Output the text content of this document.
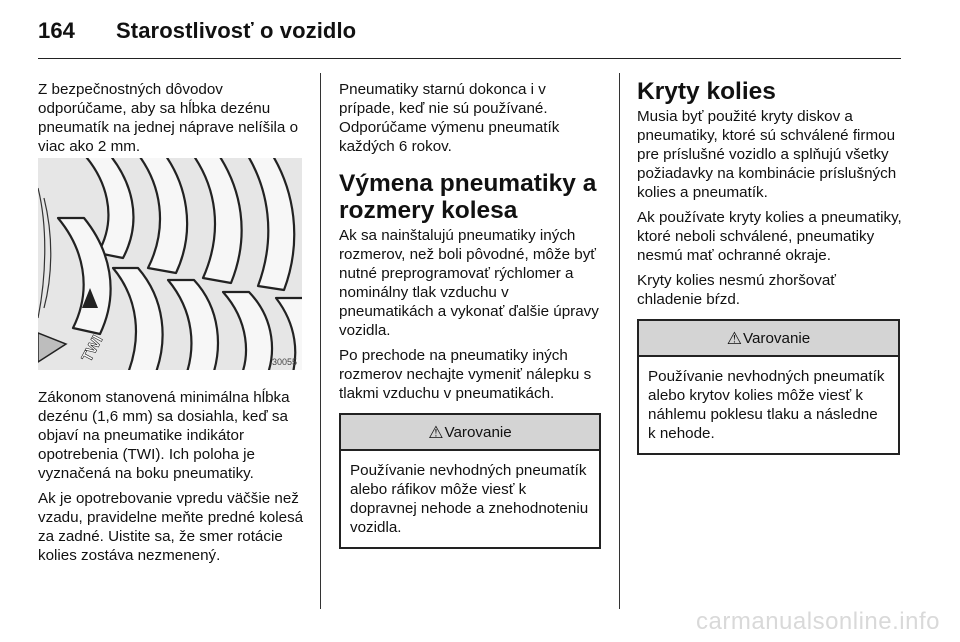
164 Starostlivosť o vozidlo

Z bezpečnostných dôvodov odporúčame, aby sa hĺbka dezénu pneumatík na jednej náprave nelíšila o viac ako 2 mm.

TWI	30055

Zákonom stanovená minimálna hĺbka dezénu (1,6 mm) sa dosiahla, keď sa objaví na pneumatike indikátor opotrebenia (TWI). Ich poloha je vyznačená na boku pneumatiky.

Ak je opotrebovanie vpredu väčšie než vzadu, pravidelne meňte predné kolesá za zadné. Uistite sa, že smer rotácie kolies zostáva nezmenený.

Pneumatiky starnú dokonca i v prípade, keď nie sú používané. Odporúčame výmenu pneumatík každých 6 rokov.

Výmena pneumatiky a rozmery kolesa

Ak sa nainštalujú pneumatiky iných rozmerov, než boli pôvodné, môže byť nutné preprogramovať rýchlomer a nominálny tlak vzduchu v pneumatikách a vykonať ďalšie úpravy vozidla.

Po prechode na pneumatiky iných rozmerov nechajte vymeniť nálepku s tlakmi vzduchu v pneumatikách.

⚠ Varovanie
Používanie nevhodných pneumatík alebo ráfikov môže viesť k dopravnej nehode a znehodnoteniu vozidla.
Kryty kolies

Musia byť použité kryty diskov a pneumatiky, ktoré sú schválené firmou pre príslušné vozidlo a splňujú všetky požiadavky na kombinácie príslušných kolies a pneumatík.

Ak používate kryty kolies a pneumatiky, ktoré neboli schválené, pneumatiky nesmú mať ochranné okraje.

Kryty kolies nesmú zhoršovať chladenie bŕzd.

⚠ Varovanie
Používanie nevhodných pneumatík alebo krytov kolies môže viesť k náhlemu poklesu tlaku a následne k nehode.
carmanualsonline.info
